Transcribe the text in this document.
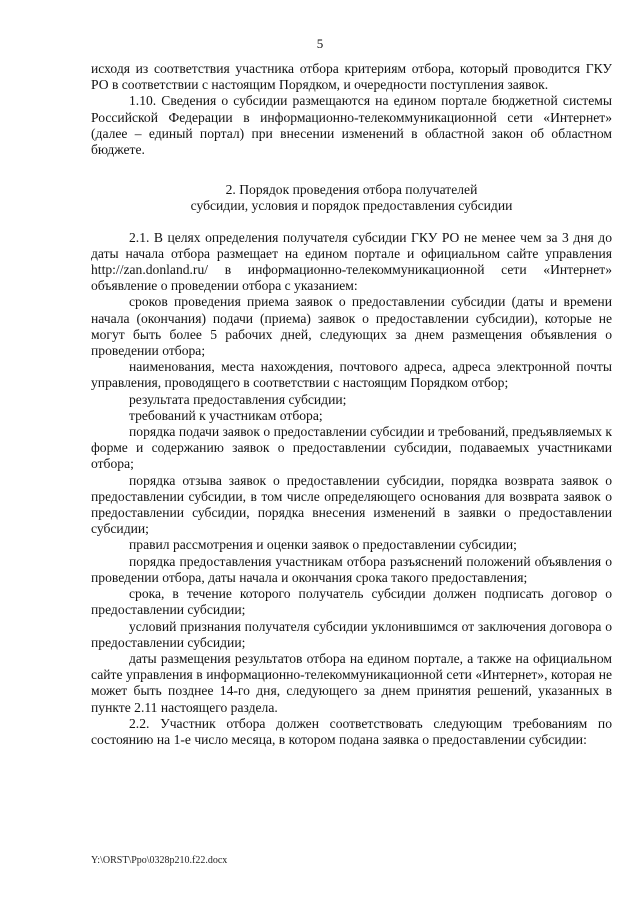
5

исходя из соответствия участника отбора критериям отбора, который проводится ГКУ РО в соответствии с настоящим Порядком, и очередности поступления заявок.

1.10. Сведения о субсидии размещаются на едином портале бюджетной системы Российской Федерации в информационно-телекоммуникационной сети «Интернет» (далее – единый портал) при внесении изменений в областной закон об областном бюджете.

2. Порядок проведения отбора получателей
субсидии, условия и порядок предоставления субсидии

2.1. В целях определения получателя субсидии ГКУ РО не менее чем за 3 дня до даты начала отбора размещает на едином портале и официальном сайте управления http://zan.donland.ru/ в информационно-телекоммуникационной сети «Интернет» объявление о проведении отбора с указанием:

сроков проведения приема заявок о предоставлении субсидии (даты и времени начала (окончания) подачи (приема) заявок о предоставлении субсидии), которые не могут быть более 5 рабочих дней, следующих за днем размещения объявления о проведении отбора;

наименования, места нахождения, почтового адреса, адреса электронной почты управления, проводящего в соответствии с настоящим Порядком отбор;

результата предоставления субсидии;

требований к участникам отбора;

порядка подачи заявок о предоставлении субсидии и требований, предъявляемых к форме и содержанию заявок о предоставлении субсидии, подаваемых участниками отбора;

порядка отзыва заявок о предоставлении субсидии, порядка возврата заявок о предоставлении субсидии, в том числе определяющего основания для возврата заявок о предоставлении субсидии, порядка внесения изменений в заявки о предоставлении субсидии;

правил рассмотрения и оценки заявок о предоставлении субсидии;

порядка предоставления участникам отбора разъяснений положений объявления о проведении отбора, даты начала и окончания срока такого предоставления;

срока, в течение которого получатель субсидии должен подписать договор о предоставлении субсидии;

условий признания получателя субсидии уклонившимся от заключения договора о предоставлении субсидии;

даты размещения результатов отбора на едином портале, а также на официальном сайте управления в информационно-телекоммуникационной сети «Интернет», которая не может быть позднее 14-го дня, следующего за днем принятия решений, указанных в пункте 2.11 настоящего раздела.

2.2. Участник отбора должен соответствовать следующим требованиям по состоянию на 1-е число месяца, в котором подана заявка о предоставлении субсидии:

Y:\ORST\Ppo\0328p210.f22.docx
